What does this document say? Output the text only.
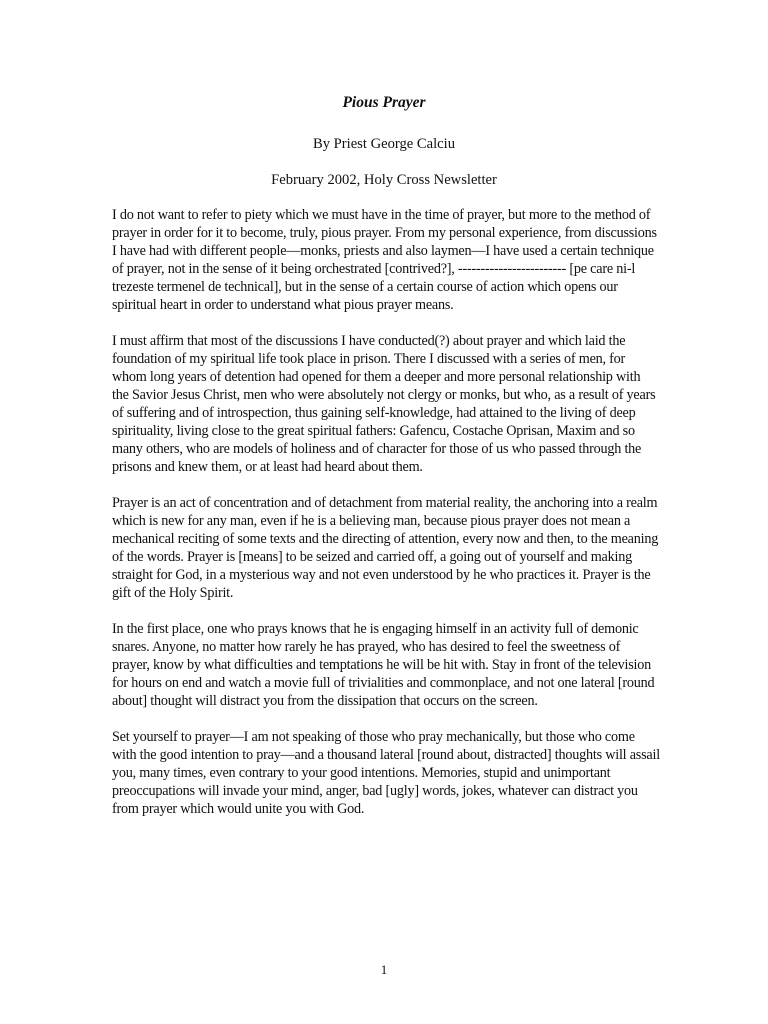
Pious Prayer
By Priest George Calciu
February 2002, Holy Cross Newsletter

I do not want to refer to piety which we must have in the time of prayer, but more to the method of prayer in order for it to become, truly, pious prayer. From my personal experience, from discussions I have had with different people—monks, priests and also laymen—I have used a certain technique of prayer, not in the sense of it being orchestrated [contrived?], ------------------------ [pe care ni-l trezeste termenel de technical], but in the sense of a certain course of action which opens our spiritual heart in order to understand what pious prayer means.

I must affirm that most of the discussions I have conducted(?) about prayer and which laid the foundation of my spiritual life took place in prison. There I discussed with a series of men, for whom long years of detention had opened for them a deeper and more personal relationship with the Savior Jesus Christ, men who were absolutely not clergy or monks, but who, as a result of years of suffering and of introspection, thus gaining self-knowledge, had attained to the living of deep spirituality, living close to the great spiritual fathers: Gafencu, Costache Oprisan, Maxim and so many others, who are models of holiness and of character for those of us who passed through the prisons and knew them, or at least had heard about them.

Prayer is an act of concentration and of detachment from material reality, the anchoring into a realm which is new for any man, even if he is a believing man, because pious prayer does not mean a mechanical reciting of some texts and the directing of attention, every now and then, to the meaning of the words. Prayer is [means] to be seized and carried off, a going out of yourself and making straight for God, in a mysterious way and not even understood by he who practices it. Prayer is the gift of the Holy Spirit.

In the first place, one who prays knows that he is engaging himself in an activity full of demonic snares. Anyone, no matter how rarely he has prayed, who has desired to feel the sweetness of prayer, know by what difficulties and temptations he will be hit with. Stay in front of the television for hours on end and watch a movie full of trivialities and commonplace, and not one lateral [round about] thought will distract you from the dissipation that occurs on the screen.

Set yourself to prayer—I am not speaking of those who pray mechanically, but those who come with the good intention to pray—and a thousand lateral [round about, distracted] thoughts will assail you, many times, even contrary to your good intentions. Memories, stupid and unimportant preoccupations will invade your mind, anger, bad [ugly] words, jokes, whatever can distract you from prayer which would unite you with God.

1
